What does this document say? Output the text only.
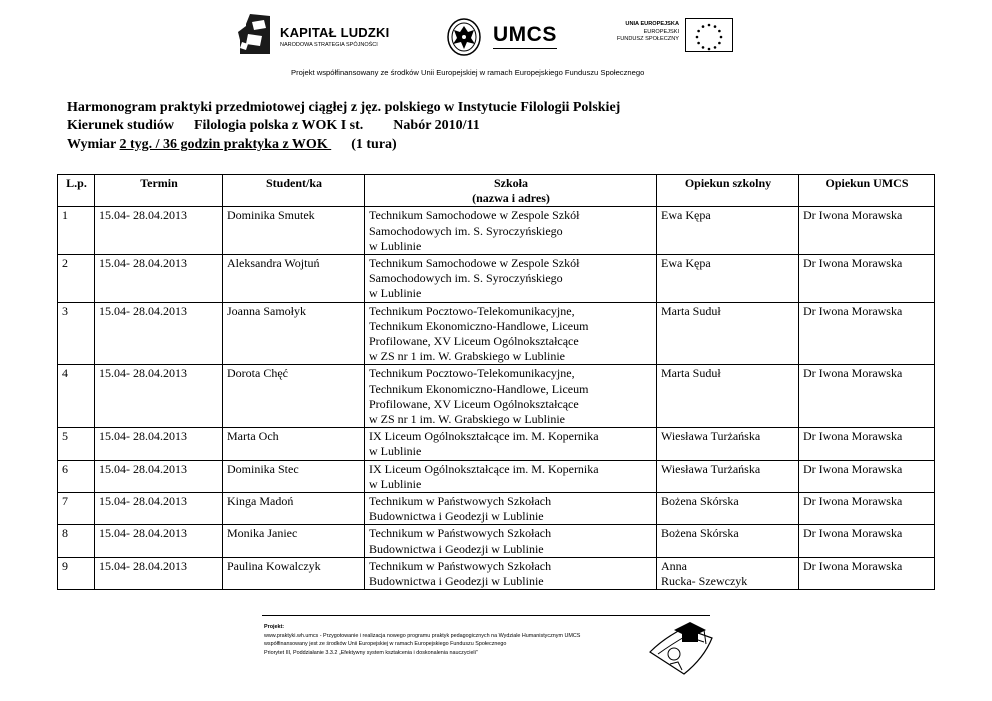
KAPITAŁ LUDZKI
NARODOWA STRATEGIA SPÓJNOŚCI	UMCS	UNIA EUROPEJSKA
EUROPEJSKI
FUNDUSZ SPOŁECZNY
Projekt współfinansowany ze środków Unii Europejskiej w ramach Europejskiego Funduszu Społecznego
Harmonogram praktyki przedmiotowej ciągłej z jęz. polskiego w Instytucie Filologii Polskiej
Kierunek studiów Filologia polska z WOK I st. Nabór 2010/11
Wymiar 2 tyg. / 36 godzin praktyka z WOK (1 tura)
L.p.	Termin	Student/ka	Szkoła
(nazwa i adres)	Opiekun szkolny	Opiekun UMCS
1	15.04- 28.04.2013	Dominika Smutek	Technikum Samochodowe w Zespole Szkół
Samochodowych im. S. Syroczyńskiego
w Lublinie	Ewa Kępa	Dr Iwona Morawska
2	15.04- 28.04.2013	Aleksandra Wojtuń	Technikum Samochodowe w Zespole Szkół
Samochodowych im. S. Syroczyńskiego
w Lublinie	Ewa Kępa	Dr Iwona Morawska
3	15.04- 28.04.2013	Joanna Samołyk	Technikum Pocztowo-Telekomunikacyjne,
Technikum Ekonomiczno-Handlowe, Liceum
Profilowane, XV Liceum Ogólnokształcące
w ZS nr 1 im. W. Grabskiego w Lublinie	Marta Suduł	Dr Iwona Morawska
4	15.04- 28.04.2013	Dorota Chęć	Technikum Pocztowo-Telekomunikacyjne,
Technikum Ekonomiczno-Handlowe, Liceum
Profilowane, XV Liceum Ogólnokształcące
w ZS nr 1 im. W. Grabskiego w Lublinie	Marta Suduł	Dr Iwona Morawska
5	15.04- 28.04.2013	Marta Och	IX Liceum Ogólnokształcące im. M. Kopernika
w Lublinie	Wiesława Turżańska	Dr Iwona Morawska
6	15.04- 28.04.2013	Dominika Stec	IX Liceum Ogólnokształcące im. M. Kopernika
w Lublinie	Wiesława Turżańska	Dr Iwona Morawska
7	15.04- 28.04.2013	Kinga Madoń	Technikum w Państwowych Szkołach
Budownictwa i Geodezji w Lublinie	Bożena Skórska	Dr Iwona Morawska
8	15.04- 28.04.2013	Monika Janiec	Technikum w Państwowych Szkołach
Budownictwa i Geodezji w Lublinie	Bożena Skórska	Dr Iwona Morawska
9	15.04- 28.04.2013	Paulina Kowalczyk	Technikum w Państwowych Szkołach
Budownictwa i Geodezji w Lublinie	Anna
Rucka- Szewczyk	Dr Iwona Morawska
Projekt:
www.praktyki.wh.umcs - Przygotowanie i realizacja nowego programu praktyk pedagogicznych na Wydziale Humanistycznym UMCS
współfinansowany jest ze środków Unii Europejskiej w ramach Europejskiego Funduszu Społecznego
Priorytet III, Poddziałanie 3.3.2 „Efektywny system kształcenia i doskonalenia nauczycieli”
